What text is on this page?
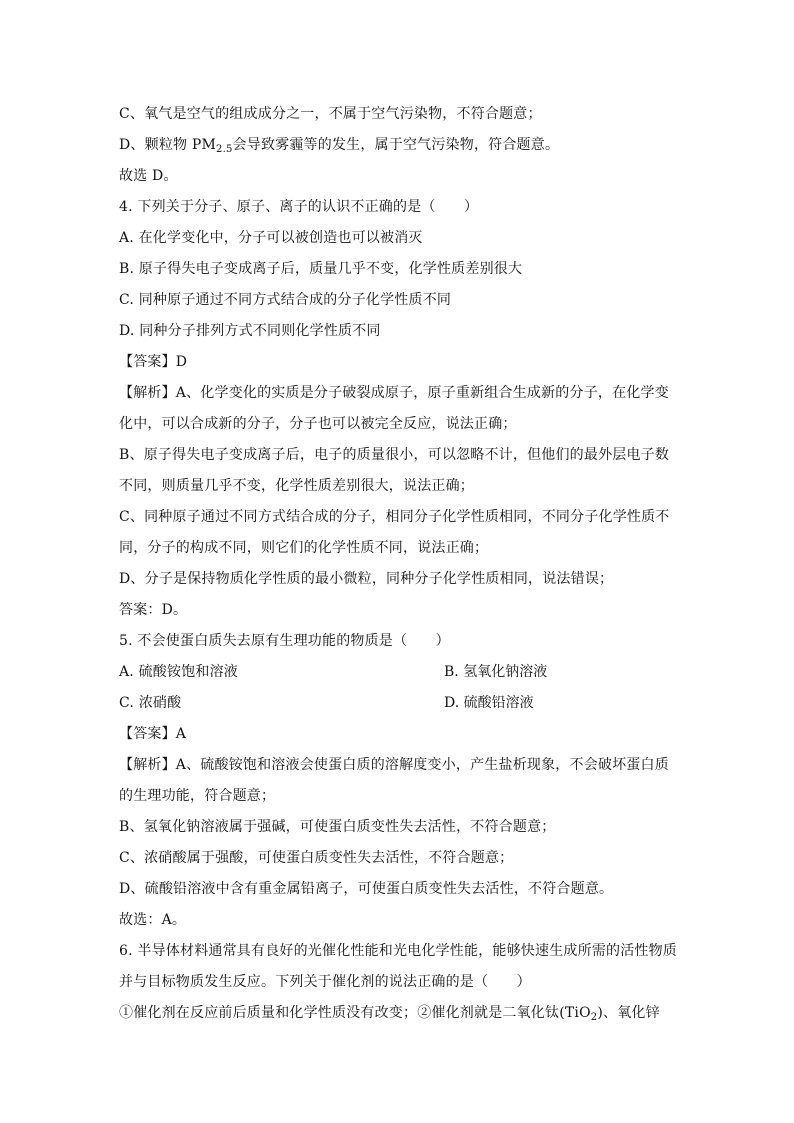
C、氧气是空气的组成成分之一，不属于空气污染物，不符合题意；
D、颗粒物 $PM_{2.5}$会导致雾霾等的发生，属于空气污染物，符合题意。
故选 D。
4. 下列关于分子、原子、离子的认识不正确的是（　　）
A. 在化学变化中，分子可以被创造也可以被消灭
B. 原子得失电子变成离子后，质量几乎不变，化学性质差别很大
C. 同种原子通过不同方式结合成的分子化学性质不同
D. 同种分子排列方式不同则化学性质不同
【答案】D
【解析】A、化学变化的实质是分子破裂成原子，原子重新组合生成新的分子，在化学变
化中，可以合成新的分子，分子也可以被完全反应，说法正确；
B、原子得失电子变成离子后，电子的质量很小，可以忽略不计，但他们的最外层电子数
不同，则质量几乎不变，化学性质差别很大，说法正确；
C、同种原子通过不同方式结合成的分子，相同分子化学性质相同，不同分子化学性质不
同，分子的构成不同，则它们的化学性质不同，说法正确；
D、分子是保持物质化学性质的最小微粒，同种分子化学性质相同，说法错误；
答案：D。
5. 不会使蛋白质失去原有生理功能的物质是（　　）
A. 硫酸铵饱和溶液	B. 氢氧化钠溶液
C. 浓硝酸	D. 硫酸铅溶液
【答案】A
【解析】A、硫酸铵饱和溶液会使蛋白质的溶解度变小，产生盐析现象，不会破坏蛋白质
的生理功能，符合题意；
B、氢氧化钠溶液属于强碱，可使蛋白质变性失去活性，不符合题意；
C、浓硝酸属于强酸，可使蛋白质变性失去活性，不符合题意；
D、硫酸铅溶液中含有重金属铅离子，可使蛋白质变性失去活性，不符合题意。
故选：A。
6. 半导体材料通常具有良好的光催化性能和光电化学性能，能够快速生成所需的活性物质
并与目标物质发生反应。下列关于催化剂的说法正确的是（　　）
①催化剂在反应前后质量和化学性质没有改变；②催化剂就是二氧化钛(TiO$_2$)、氧化锌
